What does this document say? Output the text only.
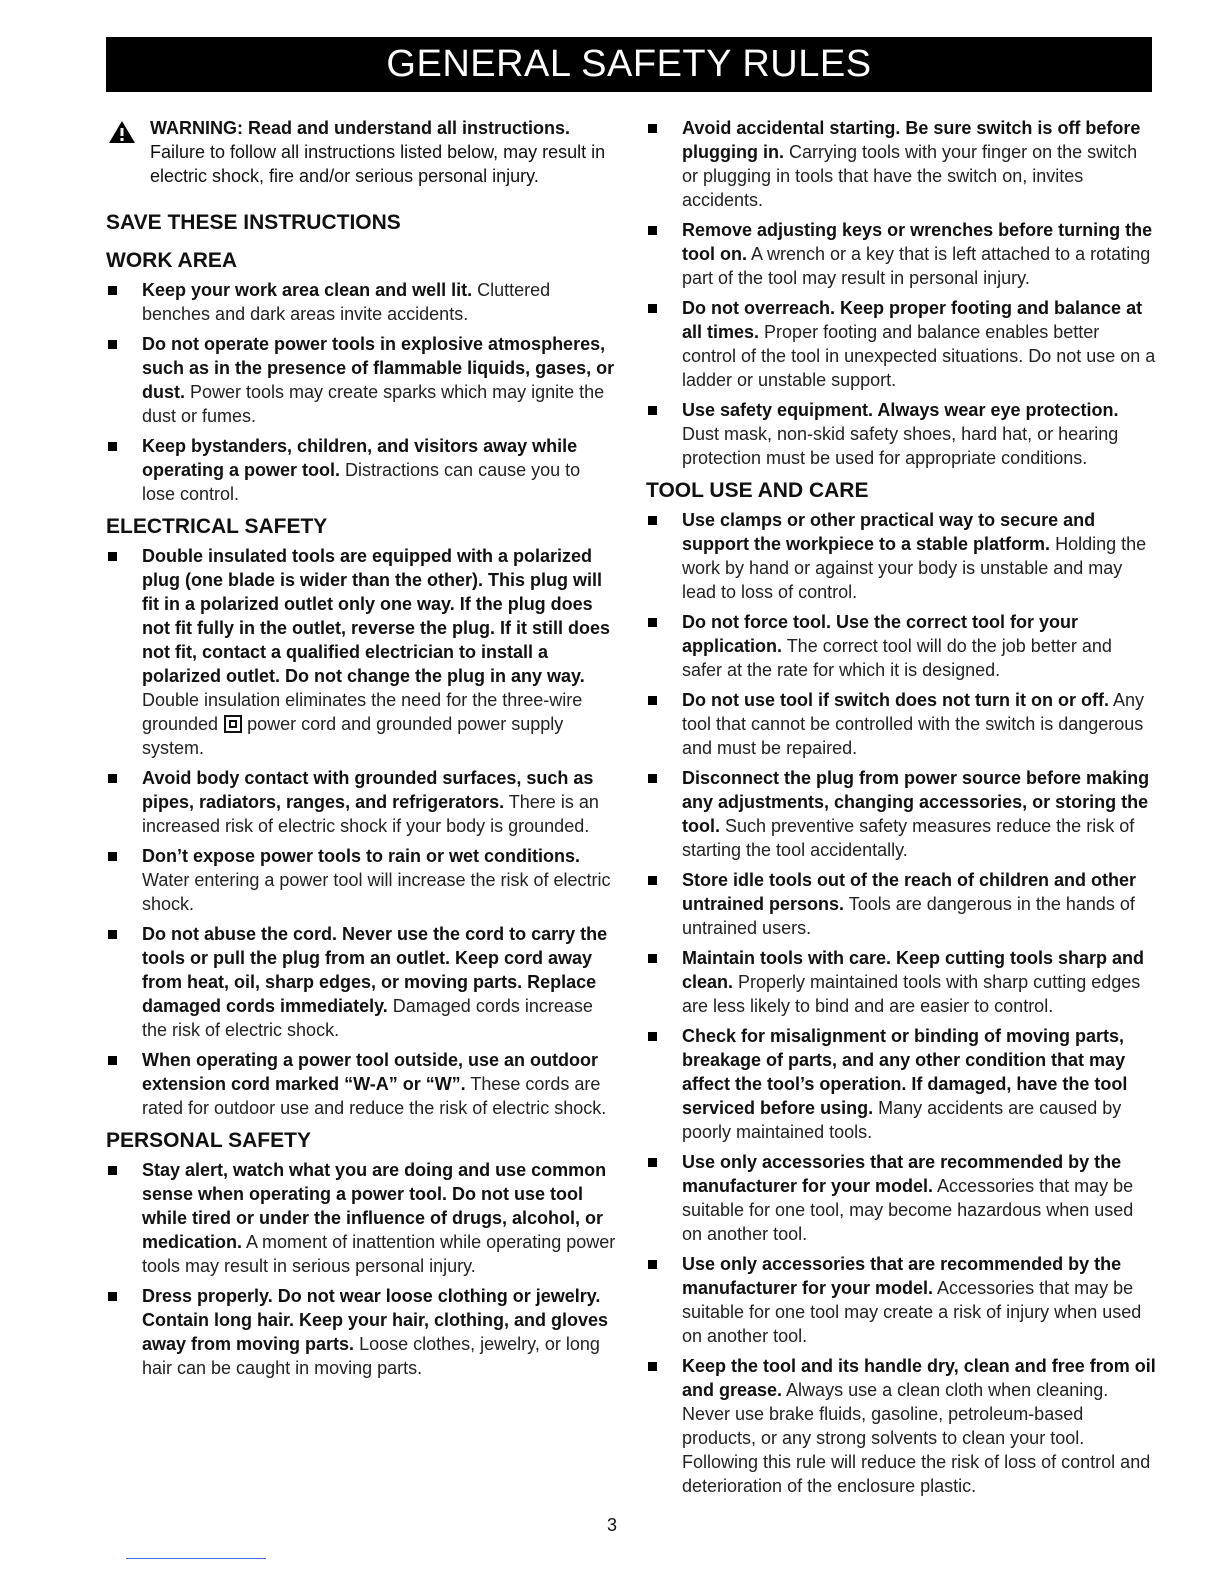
GENERAL SAFETY RULES
WARNING: Read and understand all instructions. Failure to follow all instructions listed below, may result in electric shock, fire and/or serious personal injury.
SAVE THESE INSTRUCTIONS
WORK AREA
Keep your work area clean and well lit. Cluttered benches and dark areas invite accidents.
Do not operate power tools in explosive atmospheres, such as in the presence of flammable liquids, gases, or dust. Power tools may create sparks which may ignite the dust or fumes.
Keep bystanders, children, and visitors away while operating a power tool. Distractions can cause you to lose control.
ELECTRICAL SAFETY
Double insulated tools are equipped with a polarized plug (one blade is wider than the other). This plug will fit in a polarized outlet only one way. If the plug does not fit fully in the outlet, reverse the plug. If it still does not fit, contact a qualified electrician to install a polarized outlet. Do not change the plug in any way. Double insulation eliminates the need for the three-wire grounded power cord and grounded power supply system.
Avoid body contact with grounded surfaces, such as pipes, radiators, ranges, and refrigerators. There is an increased risk of electric shock if your body is grounded.
Don’t expose power tools to rain or wet conditions. Water entering a power tool will increase the risk of electric shock.
Do not abuse the cord. Never use the cord to carry the tools or pull the plug from an outlet. Keep cord away from heat, oil, sharp edges, or moving parts. Replace damaged cords immediately. Damaged cords increase the risk of electric shock.
When operating a power tool outside, use an outdoor extension cord marked “W-A” or “W”. These cords are rated for outdoor use and reduce the risk of electric shock.
PERSONAL SAFETY
Stay alert, watch what you are doing and use common sense when operating a power tool. Do not use tool while tired or under the influence of drugs, alcohol, or medication. A moment of inattention while operating power tools may result in serious personal injury.
Dress properly. Do not wear loose clothing or jewelry. Contain long hair. Keep your hair, clothing, and gloves away from moving parts. Loose clothes, jewelry, or long hair can be caught in moving parts.
Avoid accidental starting. Be sure switch is off before plugging in. Carrying tools with your finger on the switch or plugging in tools that have the switch on, invites accidents.
Remove adjusting keys or wrenches before turning the tool on. A wrench or a key that is left attached to a rotating part of the tool may result in personal injury.
Do not overreach. Keep proper footing and balance at all times. Proper footing and balance enables better control of the tool in unexpected situations. Do not use on a ladder or unstable support.
Use safety equipment. Always wear eye protection. Dust mask, non-skid safety shoes, hard hat, or hearing protection must be used for appropriate conditions.
TOOL USE AND CARE
Use clamps or other practical way to secure and support the workpiece to a stable platform. Holding the work by hand or against your body is unstable and may lead to loss of control.
Do not force tool. Use the correct tool for your application. The correct tool will do the job better and safer at the rate for which it is designed.
Do not use tool if switch does not turn it on or off. Any tool that cannot be controlled with the switch is dangerous and must be repaired.
Disconnect the plug from power source before making any adjustments, changing accessories, or storing the tool. Such preventive safety measures reduce the risk of starting the tool accidentally.
Store idle tools out of the reach of children and other untrained persons. Tools are dangerous in the hands of untrained users.
Maintain tools with care. Keep cutting tools sharp and clean. Properly maintained tools with sharp cutting edges are less likely to bind and are easier to control.
Check for misalignment or binding of moving parts, breakage of parts, and any other condition that may affect the tool’s operation. If damaged, have the tool serviced before using. Many accidents are caused by poorly maintained tools.
Use only accessories that are recommended by the manufacturer for your model. Accessories that may be suitable for one tool, may become hazardous when used on another tool.
Use only accessories that are recommended by the manufacturer for your model. Accessories that may be suitable for one tool may create a risk of injury when used on another tool.
Keep the tool and its handle dry, clean and free from oil and grease. Always use a clean cloth when cleaning. Never use brake fluids, gasoline, petroleum-based products, or any strong solvents to clean your tool. Following this rule will reduce the risk of loss of control and deterioration of the enclosure plastic.
3
